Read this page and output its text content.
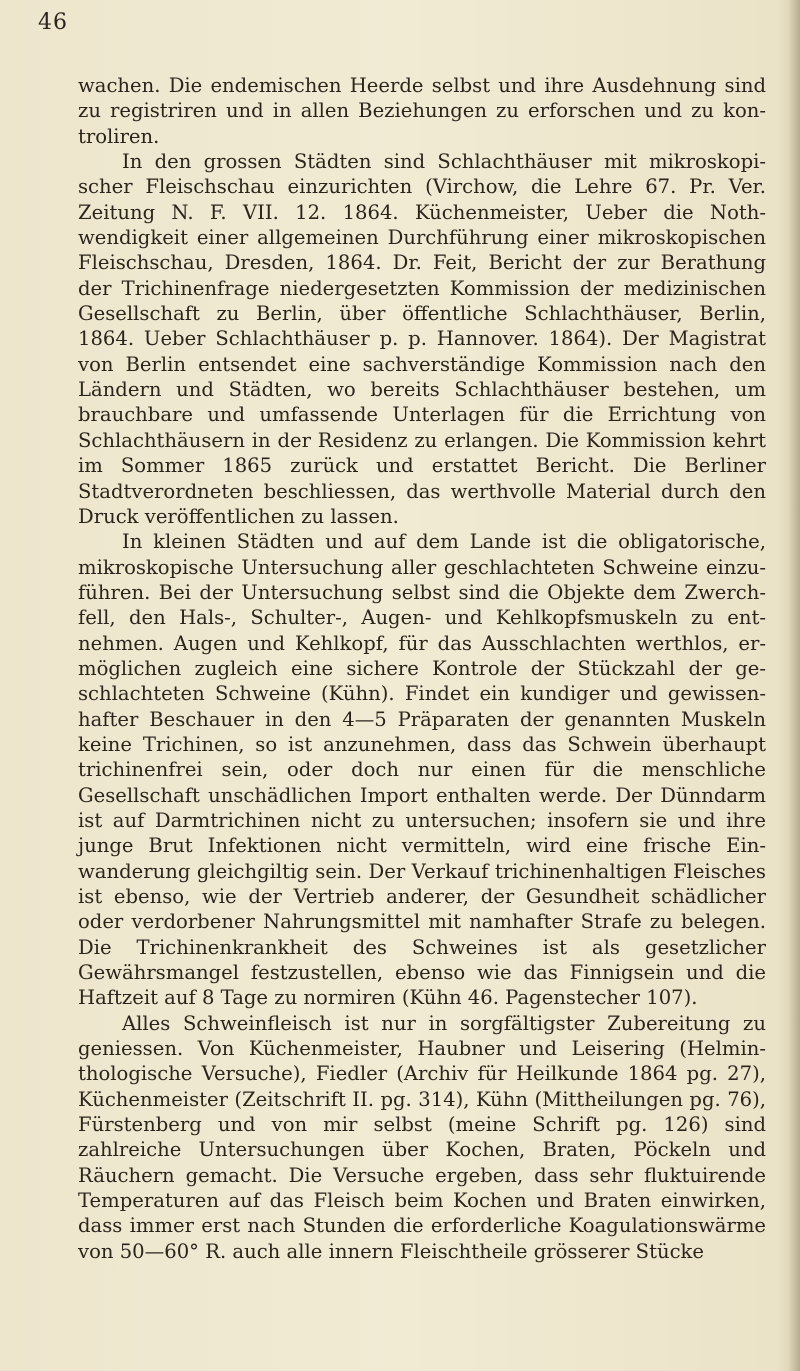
46

wachen. Die endemischen Heerde selbst und ihre Ausdehnung sind zu registriren und in allen Beziehungen zu erforschen und zu kontroliren.

In den grossen Städten sind Schlachthäuser mit mikroskopischer Fleischschau einzurichten (Virchow, die Lehre 67. Pr. Ver. Zeitung N. F. VII. 12. 1864. Küchenmeister, Ueber die Nothwendigkeit einer allgemeinen Durchführung einer mikroskopischen Fleischschau, Dresden, 1864. Dr. Feit, Bericht der zur Berathung der Trichinenfrage niedergesetzten Kommission der medizinischen Gesellschaft zu Berlin, über öffentliche Schlachthäuser, Berlin, 1864. Ueber Schlachthäuser p. p. Hannover. 1864). Der Magistrat von Berlin entsendet eine sachverständige Kommission nach den Ländern und Städten, wo bereits Schlachthäuser bestehen, um brauchbare und umfassende Unterlagen für die Errichtung von Schlachthäusern in der Residenz zu erlangen. Die Kommission kehrt im Sommer 1865 zurück und erstattet Bericht. Die Berliner Stadtverordneten beschliessen, das werthvolle Material durch den Druck veröffentlichen zu lassen.

In kleinen Städten und auf dem Lande ist die obligatorische, mikroskopische Untersuchung aller geschlachteten Schweine einzuführen. Bei der Untersuchung selbst sind die Objekte dem Zwerchfell, den Hals-, Schulter-, Augen- und Kehlkopfsmuskeln zu entnehmen. Augen und Kehlkopf, für das Ausschlachten werthlos, ermöglichen zugleich eine sichere Kontrole der Stückzahl der geschlachteten Schweine (Kühn). Findet ein kundiger und gewissenhafter Beschauer in den 4—5 Präparaten der genannten Muskeln keine Trichinen, so ist anzunehmen, dass das Schwein überhaupt trichinenfrei sein, oder doch nur einen für die menschliche Gesellschaft unschädlichen Import enthalten werde. Der Dünndarm ist auf Darmtrichinen nicht zu untersuchen; insofern sie und ihre junge Brut Infektionen nicht vermitteln, wird eine frische Einwanderung gleichgiltig sein. Der Verkauf trichinenhaltigen Fleisches ist ebenso, wie der Vertrieb anderer, der Gesundheit schädlicher oder verdorbener Nahrungsmittel mit namhafter Strafe zu belegen. Die Trichinenkrankheit des Schweines ist als gesetzlicher Gewährsmangel festzustellen, ebenso wie das Finnigsein und die Haftzeit auf 8 Tage zu normiren (Kühn 46. Pagenstecher 107).

Alles Schweinfleisch ist nur in sorgfältigster Zubereitung zu geniessen. Von Küchenmeister, Haubner und Leisering (Helminthologische Versuche), Fiedler (Archiv für Heilkunde 1864 pg. 27), Küchenmeister (Zeitschrift II. pg. 314), Kühn (Mittheilungen pg. 76), Fürstenberg und von mir selbst (meine Schrift pg. 126) sind zahlreiche Untersuchungen über Kochen, Braten, Pöckeln und Räuchern gemacht. Die Versuche ergeben, dass sehr fluktuirende Temperaturen auf das Fleisch beim Kochen und Braten einwirken, dass immer erst nach Stunden die erforderliche Koagulationswärme von 50—60° R. auch alle innern Fleischtheile grösserer Stücke
